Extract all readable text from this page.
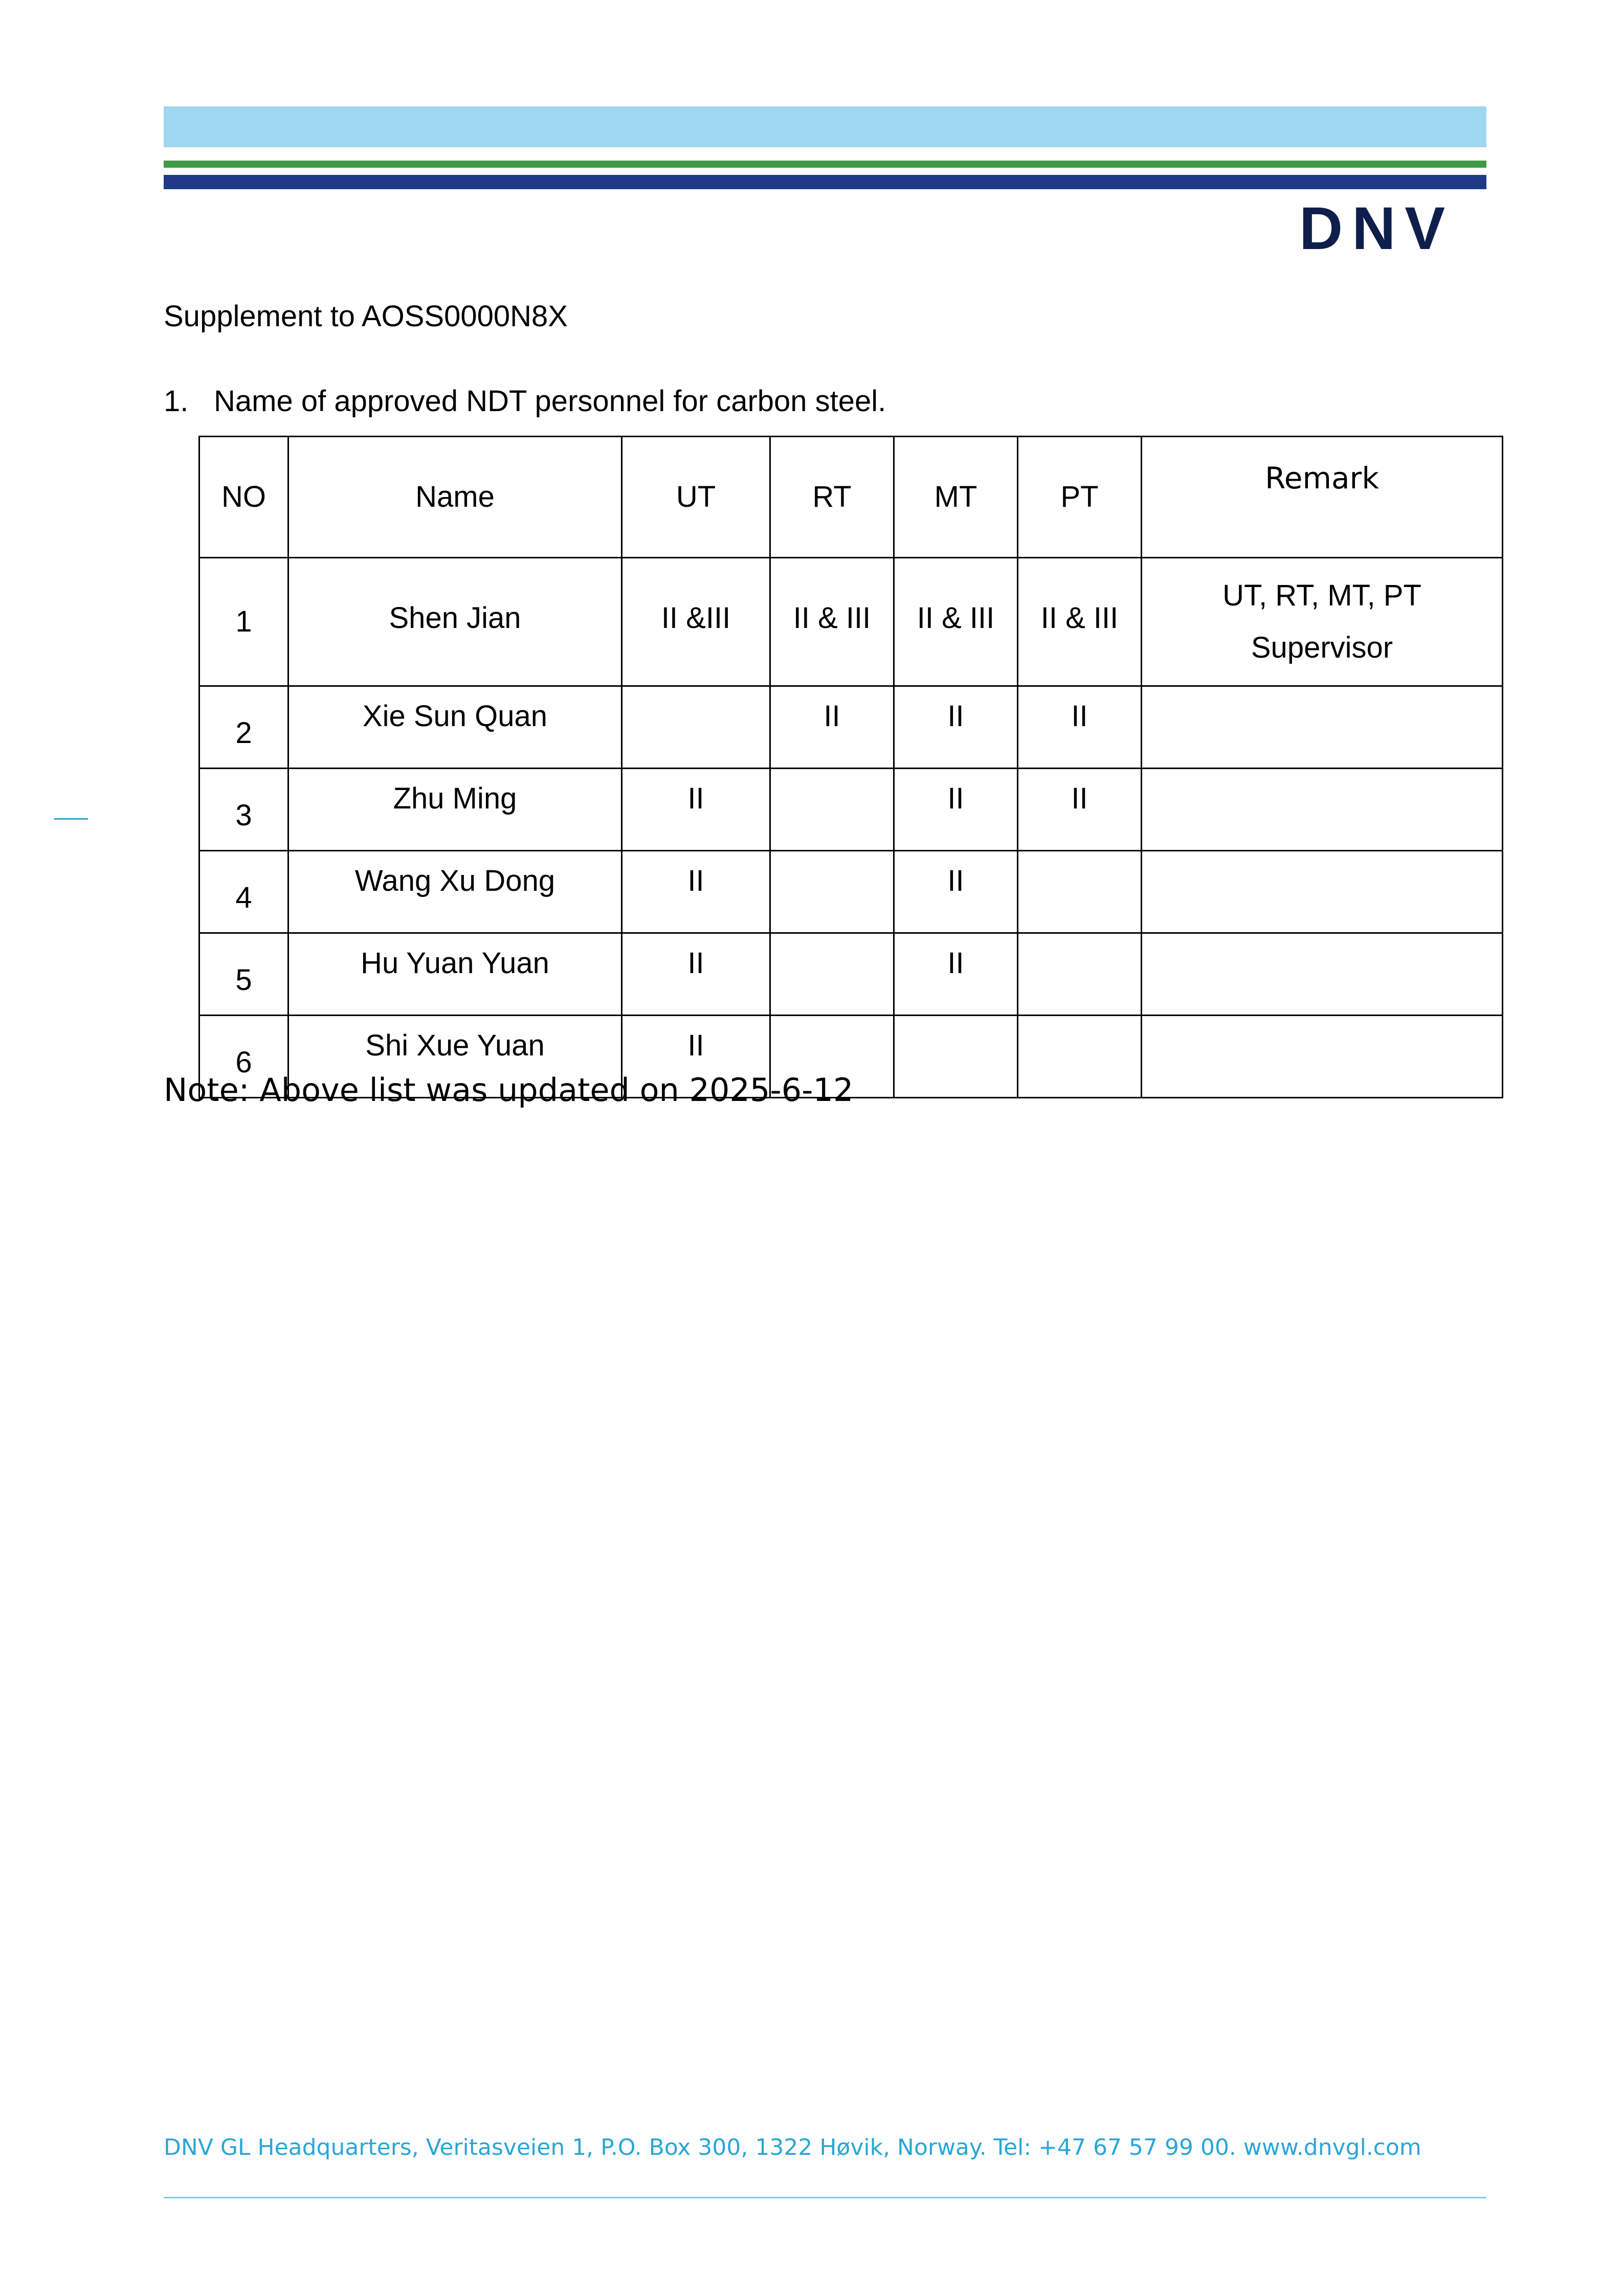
DNV
Supplement to AOSS0000N8X
1. Name of approved NDT personnel for carbon steel.
NO	Name	UT	RT	MT	PT	Remark
1	Shen Jian	II &III	II & III	II & III	II & III	UT, RT, MT, PT
Supervisor

2	Xie Sun Quan		II	II	II	
3	Zhu Ming	II		II	II	
4	Wang Xu Dong	II		II		
5	Hu Yuan Yuan	II		II		
6	Shi Xue Yuan	II				
Note: Above list was updated on 2025-6-12
DNV GL Headquarters, Veritasveien 1, P.O. Box 300, 1322 Høvik, Norway. Tel: +47 67 57 99 00. www.dnvgl.com
